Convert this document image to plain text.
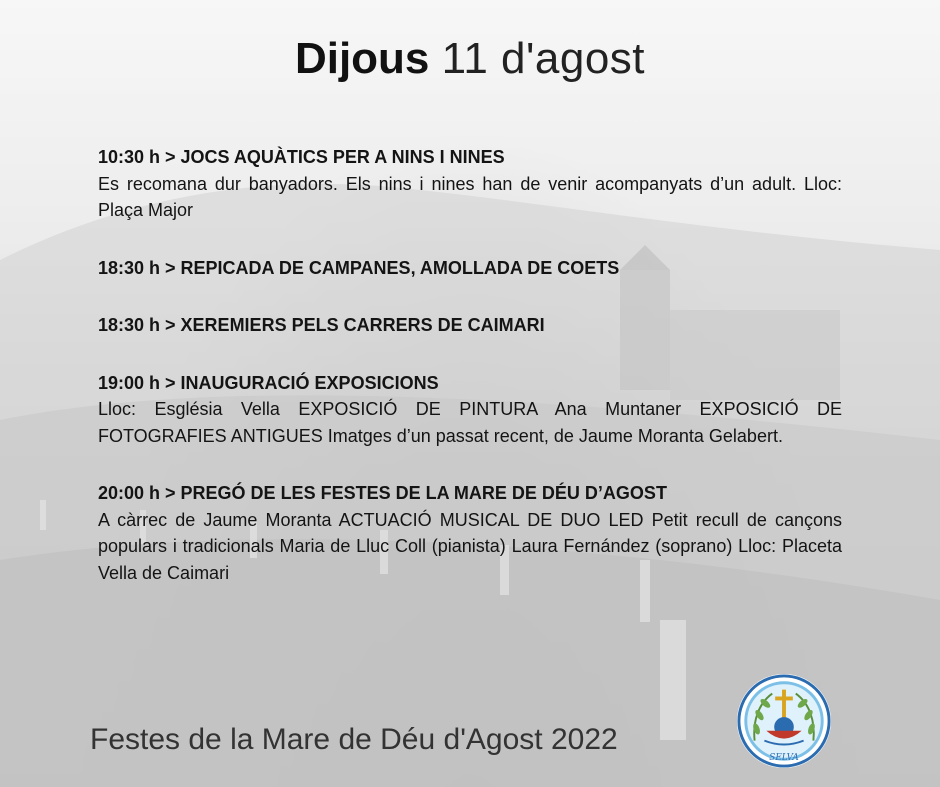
Dijous 11 d'agost
10:30 h > JOCS AQUÀTICS PER A NINS I NINES
Es recomana dur banyadors. Els nins i nines han de venir acompanyats d’un adult. Lloc: Plaça Major
18:30 h > REPICADA DE CAMPANES, AMOLLADA DE COETS
18:30 h > XEREMIERS PELS CARRERS DE CAIMARI
19:00 h > INAUGURACIÓ EXPOSICIONS
Lloc: Església Vella EXPOSICIÓ DE PINTURA Ana Muntaner EXPOSICIÓ DE FOTOGRAFIES ANTIGUES Imatges d’un passat recent, de Jaume Moranta Gelabert.
20:00 h > PREGÓ DE LES FESTES DE LA MARE DE DÉU D’AGOST
A càrrec de Jaume Moranta ACTUACIÓ MUSICAL DE DUO LED Petit recull de cançons populars i tradicionals Maria de Lluc Coll (pianista) Laura Fernández (soprano) Lloc: Placeta Vella de Caimari
Festes de la Mare de Déu d'Agost 2022
SELVA
